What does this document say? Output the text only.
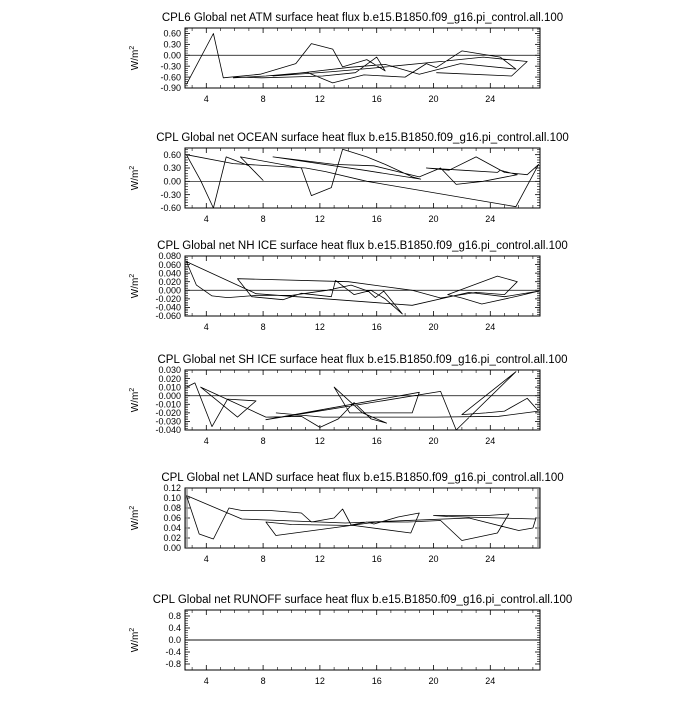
CPL6 Global net ATM surface heat flux b.e15.B1850.f09_g16.pi_control.all.100
$W/m^2$
-0.90
-0.60
-0.30
0.00
0.30
0.60
4	8	12	16	20	24
CPL Global net OCEAN surface heat flux b.e15.B1850.f09_g16.pi_control.all.100
$W/m^2$
-0.60
-0.30
0.00
0.30
0.60
4	8	12	16	20	24
CPL Global net NH ICE surface heat flux b.e15.B1850.f09_g16.pi_control.all.100
$W/m^2$
-0.060
-0.040
-0.020
0.000
0.020
0.040
0.060
0.080
4	8	12	16	20	24
CPL Global net SH ICE surface heat flux b.e15.B1850.f09_g16.pi_control.all.100
$W/m^2$
-0.040
-0.030
-0.020
-0.010
0.000
0.010
0.020
0.030
4	8	12	16	20	24
CPL Global net LAND surface heat flux b.e15.B1850.f09_g16.pi_control.all.100
$W/m^2$
0.00
0.02
0.04
0.06
0.08
0.10
0.12
4	8	12	16	20	24
CPL Global net RUNOFF surface heat flux b.e15.B1850.f09_g16.pi_control.all.100
$W/m^2$
-0.8
-0.4
0.0
0.4
0.8
4	8	12	16	20	24
